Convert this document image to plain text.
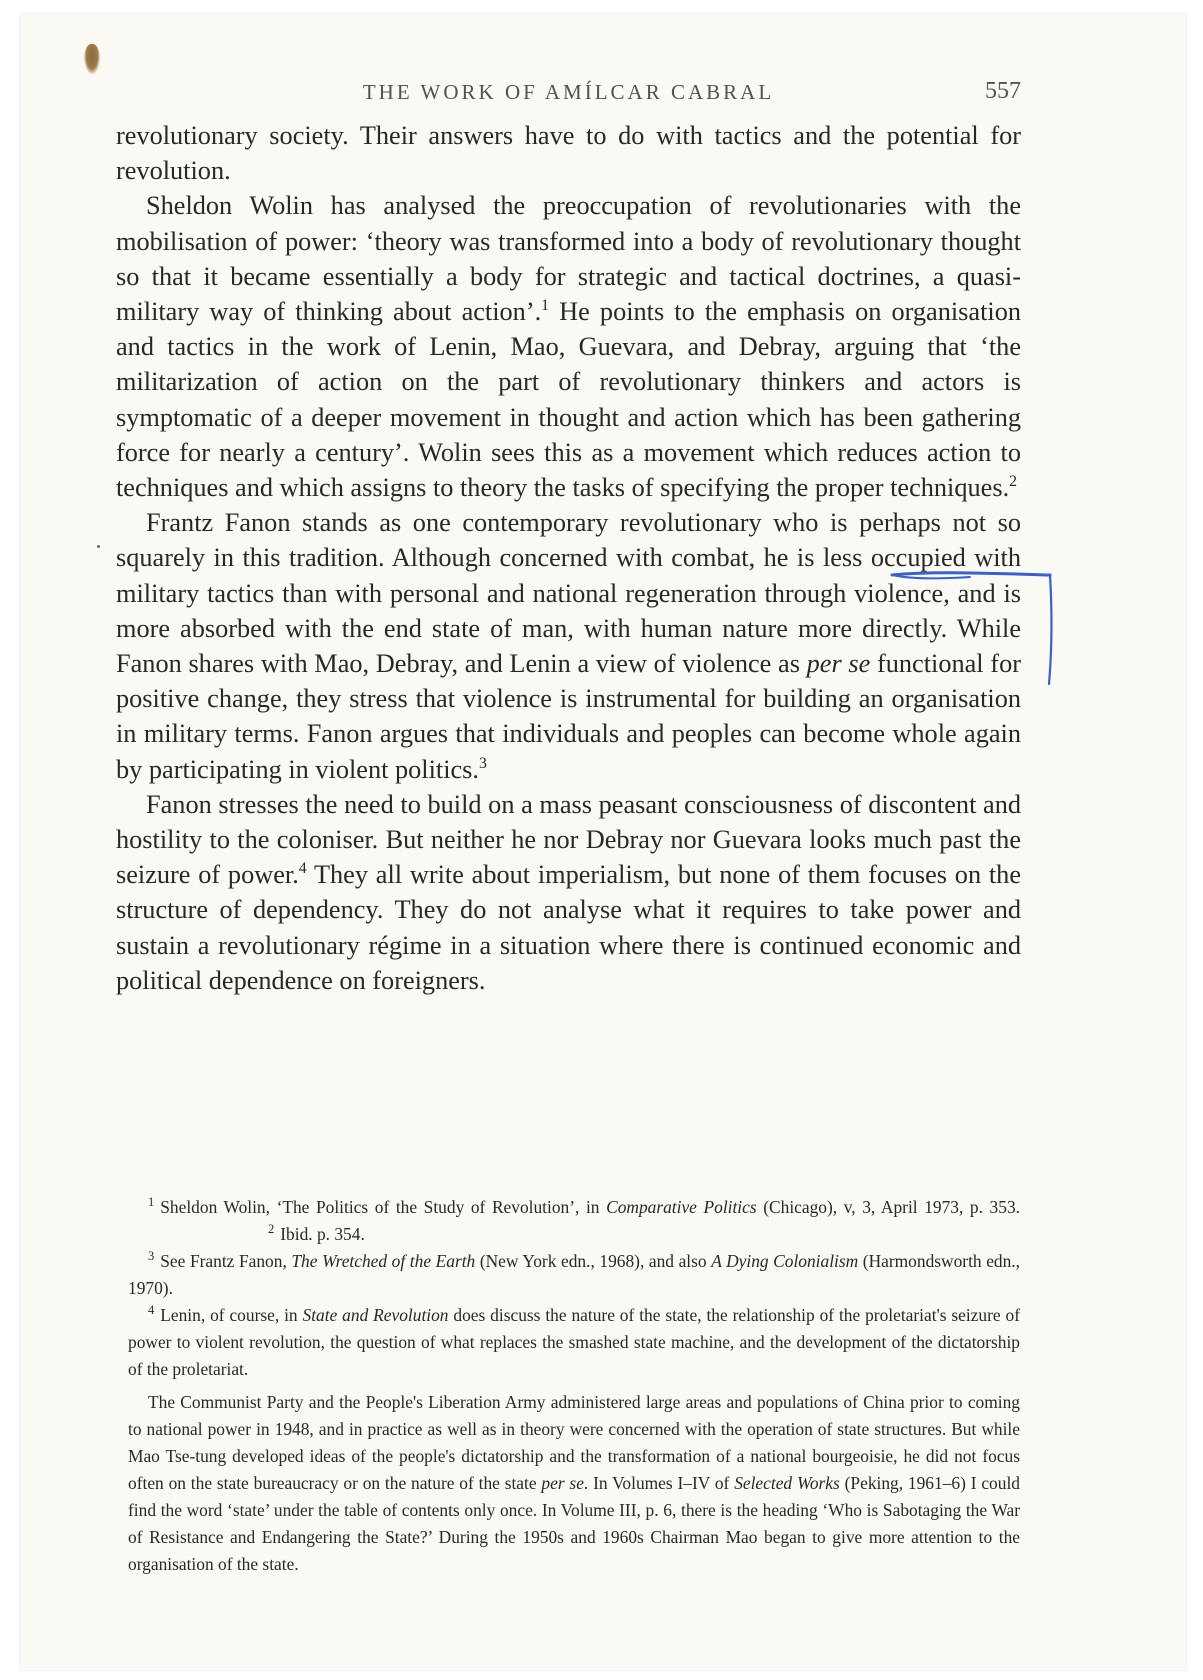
THE WORK OF AMÍLCAR CABRAL	557

revolutionary society. Their answers have to do with tactics and the potential for revolution.

Sheldon Wolin has analysed the preoccupation of revolutionaries with the mobilisation of power: ‘theory was transformed into a body of revolutionary thought so that it became essentially a body for strategic and tactical doctrines, a quasi-military way of thinking about action’.$^1$ He points to the emphasis on organisation and tactics in the work of Lenin, Mao, Guevara, and Debray, arguing that ‘the militarization of action on the part of revolutionary thinkers and actors is symptomatic of a deeper movement in thought and action which has been gathering force for nearly a century’. Wolin sees this as a movement which reduces action to techniques and which assigns to theory the tasks of specifying the proper techniques.$^2$

Frantz Fanon stands as one contemporary revolutionary who is perhaps not so squarely in this tradition. Although concerned with combat, he is less occupied with military tactics than with personal and national regeneration through violence, and is more absorbed with the end state of man, with human nature more directly. While Fanon shares with Mao, Debray, and Lenin a view of violence as per se functional for positive change, they stress that violence is instrumental for building an organisation in military terms. Fanon argues that individuals and peoples can become whole again by participating in violent politics.$^3$

Fanon stresses the need to build on a mass peasant consciousness of discontent and hostility to the coloniser. But neither he nor Debray nor Guevara looks much past the seizure of power.$^4$ They all write about imperialism, but none of them focuses on the structure of dependency. They do not analyse what it requires to take power and sustain a revolutionary régime in a situation where there is continued economic and political dependence on foreigners.

$^1$ Sheldon Wolin, ‘The Politics of the Study of Revolution’, in Comparative Politics (Chicago), v, 3, April 1973, p. 353.$^2$ Ibid. p. 354.

$^3$ See Frantz Fanon, The Wretched of the Earth (New York edn., 1968), and also A Dying Colonialism (Harmondsworth edn., 1970).

$^4$ Lenin, of course, in State and Revolution does discuss the nature of the state, the relationship of the proletariat's seizure of power to violent revolution, the question of what replaces the smashed state machine, and the development of the dictatorship of the proletariat.

The Communist Party and the People's Liberation Army administered large areas and populations of China prior to coming to national power in 1948, and in practice as well as in theory were concerned with the operation of state structures. But while Mao Tse-tung developed ideas of the people's dictatorship and the transformation of a national bourgeoisie, he did not focus often on the state bureaucracy or on the nature of the state per se. In Volumes I–IV of Selected Works (Peking, 1961–6) I could find the word ‘state’ under the table of contents only once. In Volume III, p. 6, there is the heading ‘Who is Sabotaging the War of Resistance and Endangering the State?’ During the 1950s and 1960s Chairman Mao began to give more attention to the organisation of the state.
